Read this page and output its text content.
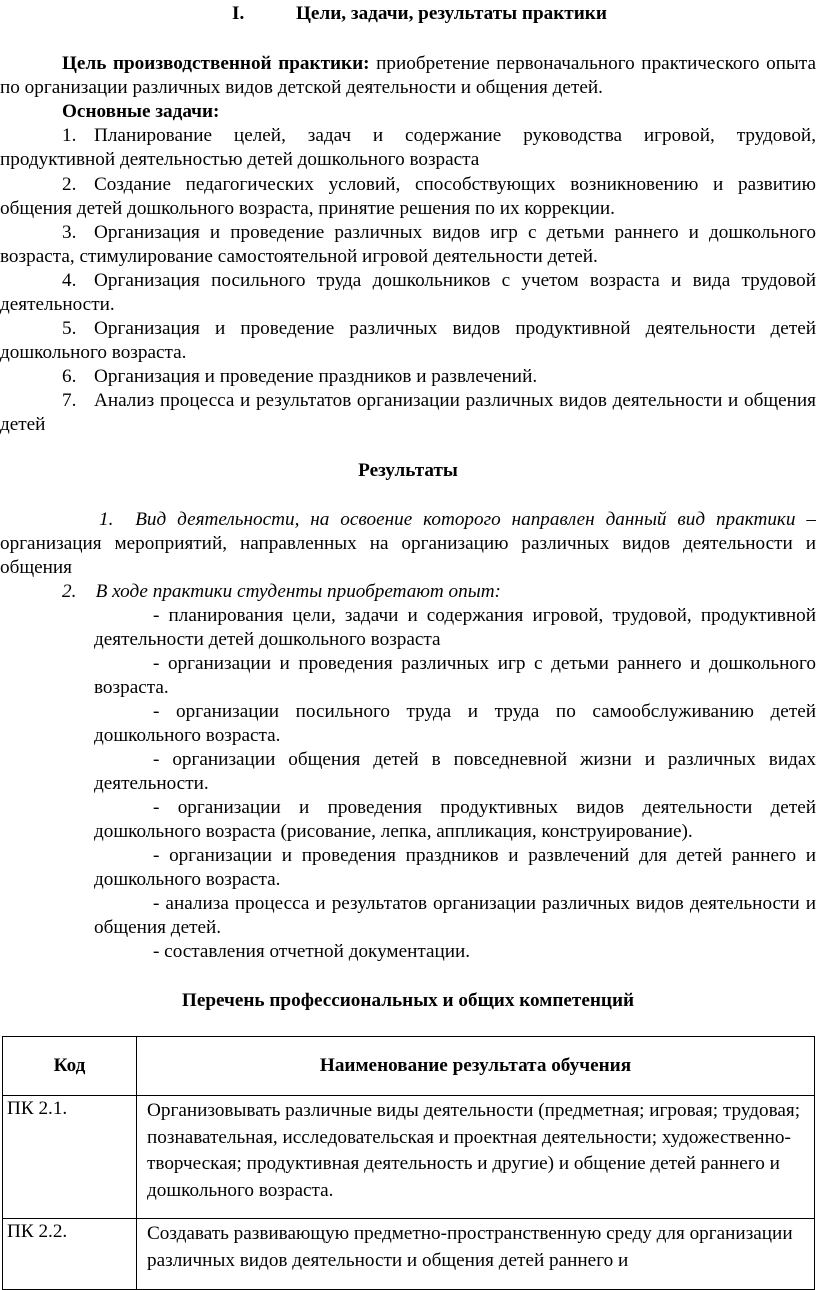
I.	Цели, задачи, результаты практики
Цель производственной практики: приобретение первоначального практического опыта по организации различных видов детской деятельности и общения детей.
Основные задачи:
1. Планирование целей, задач и содержание руководства игровой, трудовой, продуктивной деятельностью детей дошкольного возраста
2. Создание педагогических условий, способствующих возникновению и развитию общения детей дошкольного возраста, принятие решения по их коррекции.
3. Организация и проведение различных видов игр с детьми раннего и дошкольного возраста, стимулирование самостоятельной игровой деятельности детей.
4. Организация посильного труда дошкольников с учетом возраста и вида трудовой деятельности.
5. Организация и проведение различных видов продуктивной деятельности детей дошкольного возраста.
6. Организация и проведение праздников и развлечений.
7. Анализ процесса и результатов организации различных видов деятельности и общения детей
Результаты
1. Вид деятельности, на освоение которого направлен данный вид практики – организация мероприятий, направленных на организацию различных видов деятельности и общения
2. В ходе практики студенты приобретают опыт:
- планирования цели, задачи и содержания игровой, трудовой, продуктивной деятельности детей дошкольного возраста
- организации и проведения различных игр с детьми раннего и дошкольного возраста.
- организации посильного труда и труда по самообслуживанию детей дошкольного возраста.
- организации общения детей в повседневной жизни и различных видах деятельности.
- организации и проведения продуктивных видов деятельности детей дошкольного возраста (рисование, лепка, аппликация, конструирование).
- организации и проведения праздников и развлечений для детей раннего и дошкольного возраста.
- анализа процесса и результатов организации различных видов деятельности и общения детей.
- составления отчетной документации.
Перечень профессиональных и общих компетенций
Код	Наименование результата обучения
ПК 2.1.	Организовывать различные виды деятельности (предметная; игровая; трудовая; познавательная, исследовательская и проектная деятельности; художественно-творческая; продуктивная деятельность и другие) и общение детей раннего и дошкольного возраста.
ПК 2.2.	Создавать развивающую предметно-пространственную среду для организации различных видов деятельности и общения детей раннего и
